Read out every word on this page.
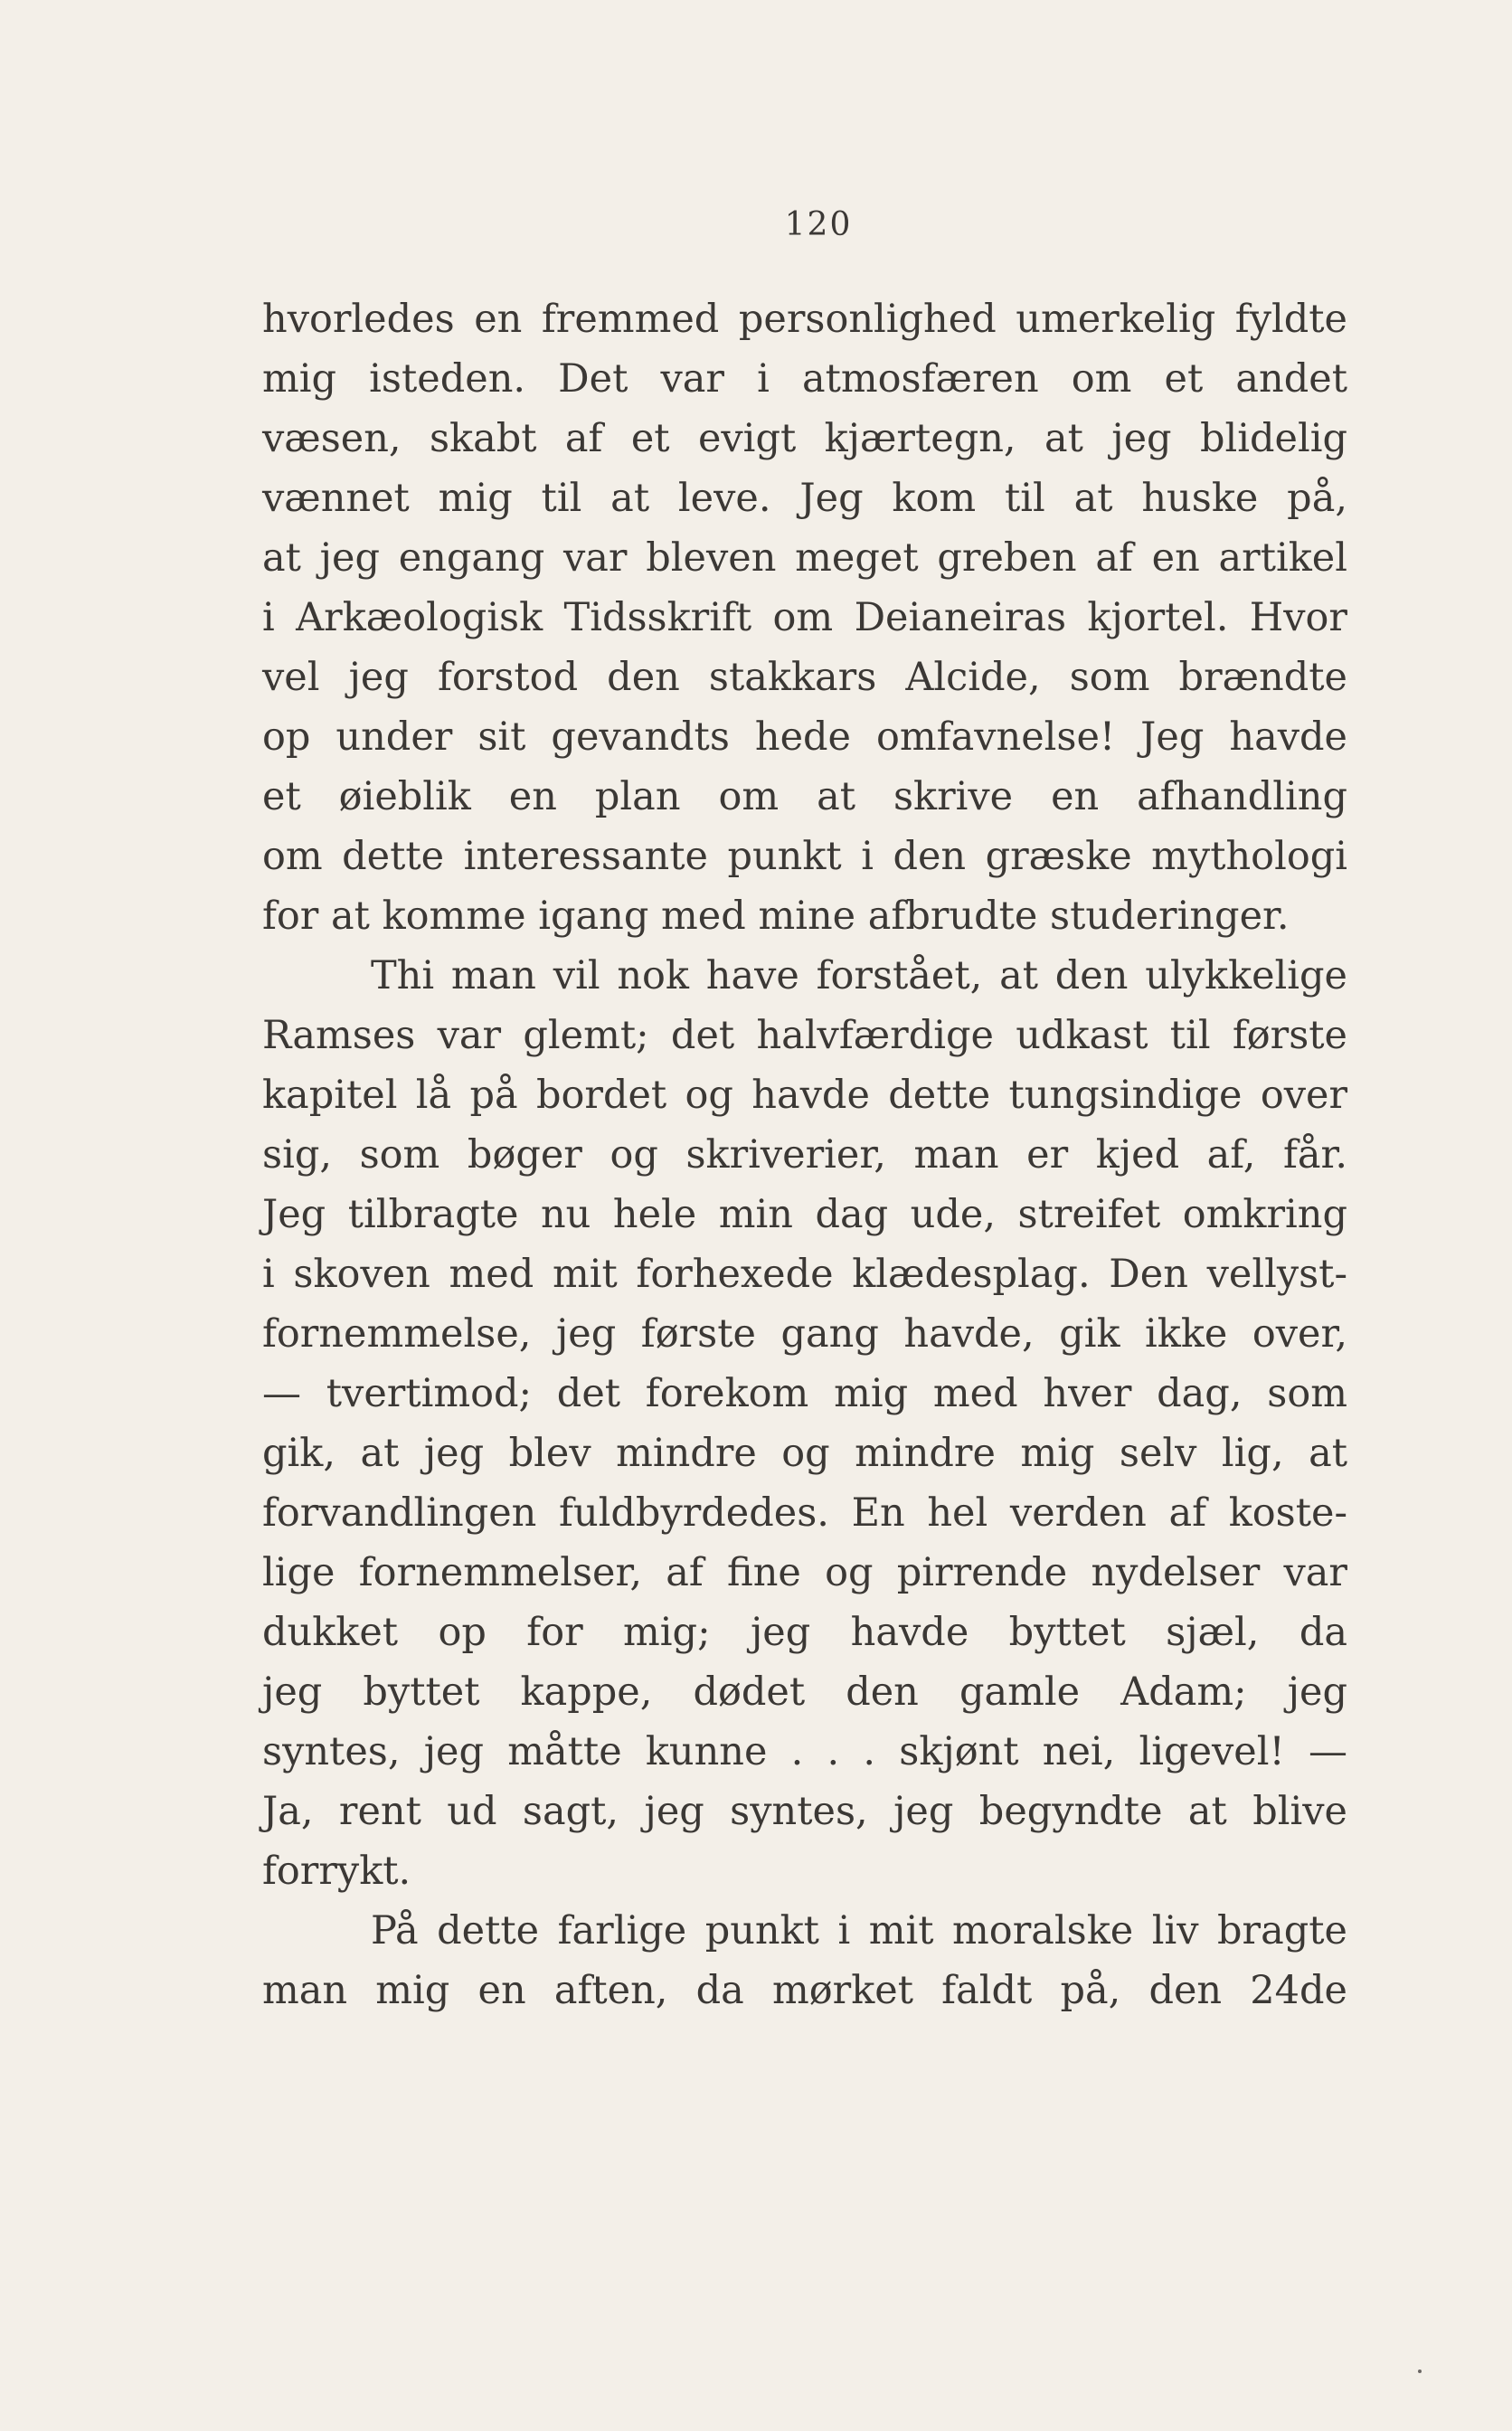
120
hvorledes en fremmed personlighed umerkelig fyldte
mig isteden. Det var i atmosfæren om et andet
væsen, skabt af et evigt kjærtegn, at jeg blidelig
vænnet mig til at leve. Jeg kom til at huske på,
at jeg engang var bleven meget greben af en artikel
i Arkæologisk Tidsskrift om Deianeiras kjortel. Hvor
vel jeg forstod den stakkars Alcide, som brændte
op under sit gevandts hede omfavnelse! Jeg havde
et øieblik en plan om at skrive en afhandling
om dette interessante punkt i den græske mythologi
for at komme igang med mine afbrudte studeringer.
Thi man vil nok have forstået, at den ulykkelige
Ramses var glemt; det halvfærdige udkast til første
kapitel lå på bordet og havde dette tungsindige over
sig, som bøger og skriverier, man er kjed af, får.
Jeg tilbragte nu hele min dag ude, streifet omkring
i skoven med mit forhexede klædesplag. Den vellyst-
fornemmelse, jeg første gang havde, gik ikke over,
— tvertimod; det forekom mig med hver dag, som
gik, at jeg blev mindre og mindre mig selv lig, at
forvandlingen fuldbyrdedes. En hel verden af koste-
lige fornemmelser, af fine og pirrende nydelser var
dukket op for mig; jeg havde byttet sjæl, da
jeg byttet kappe, dødet den gamle Adam; jeg
syntes, jeg måtte kunne . . . skjønt nei, ligevel! —
Ja, rent ud sagt, jeg syntes, jeg begyndte at blive
forrykt.
På dette farlige punkt i mit moralske liv bragte
man mig en aften, da mørket faldt på, den 24de
